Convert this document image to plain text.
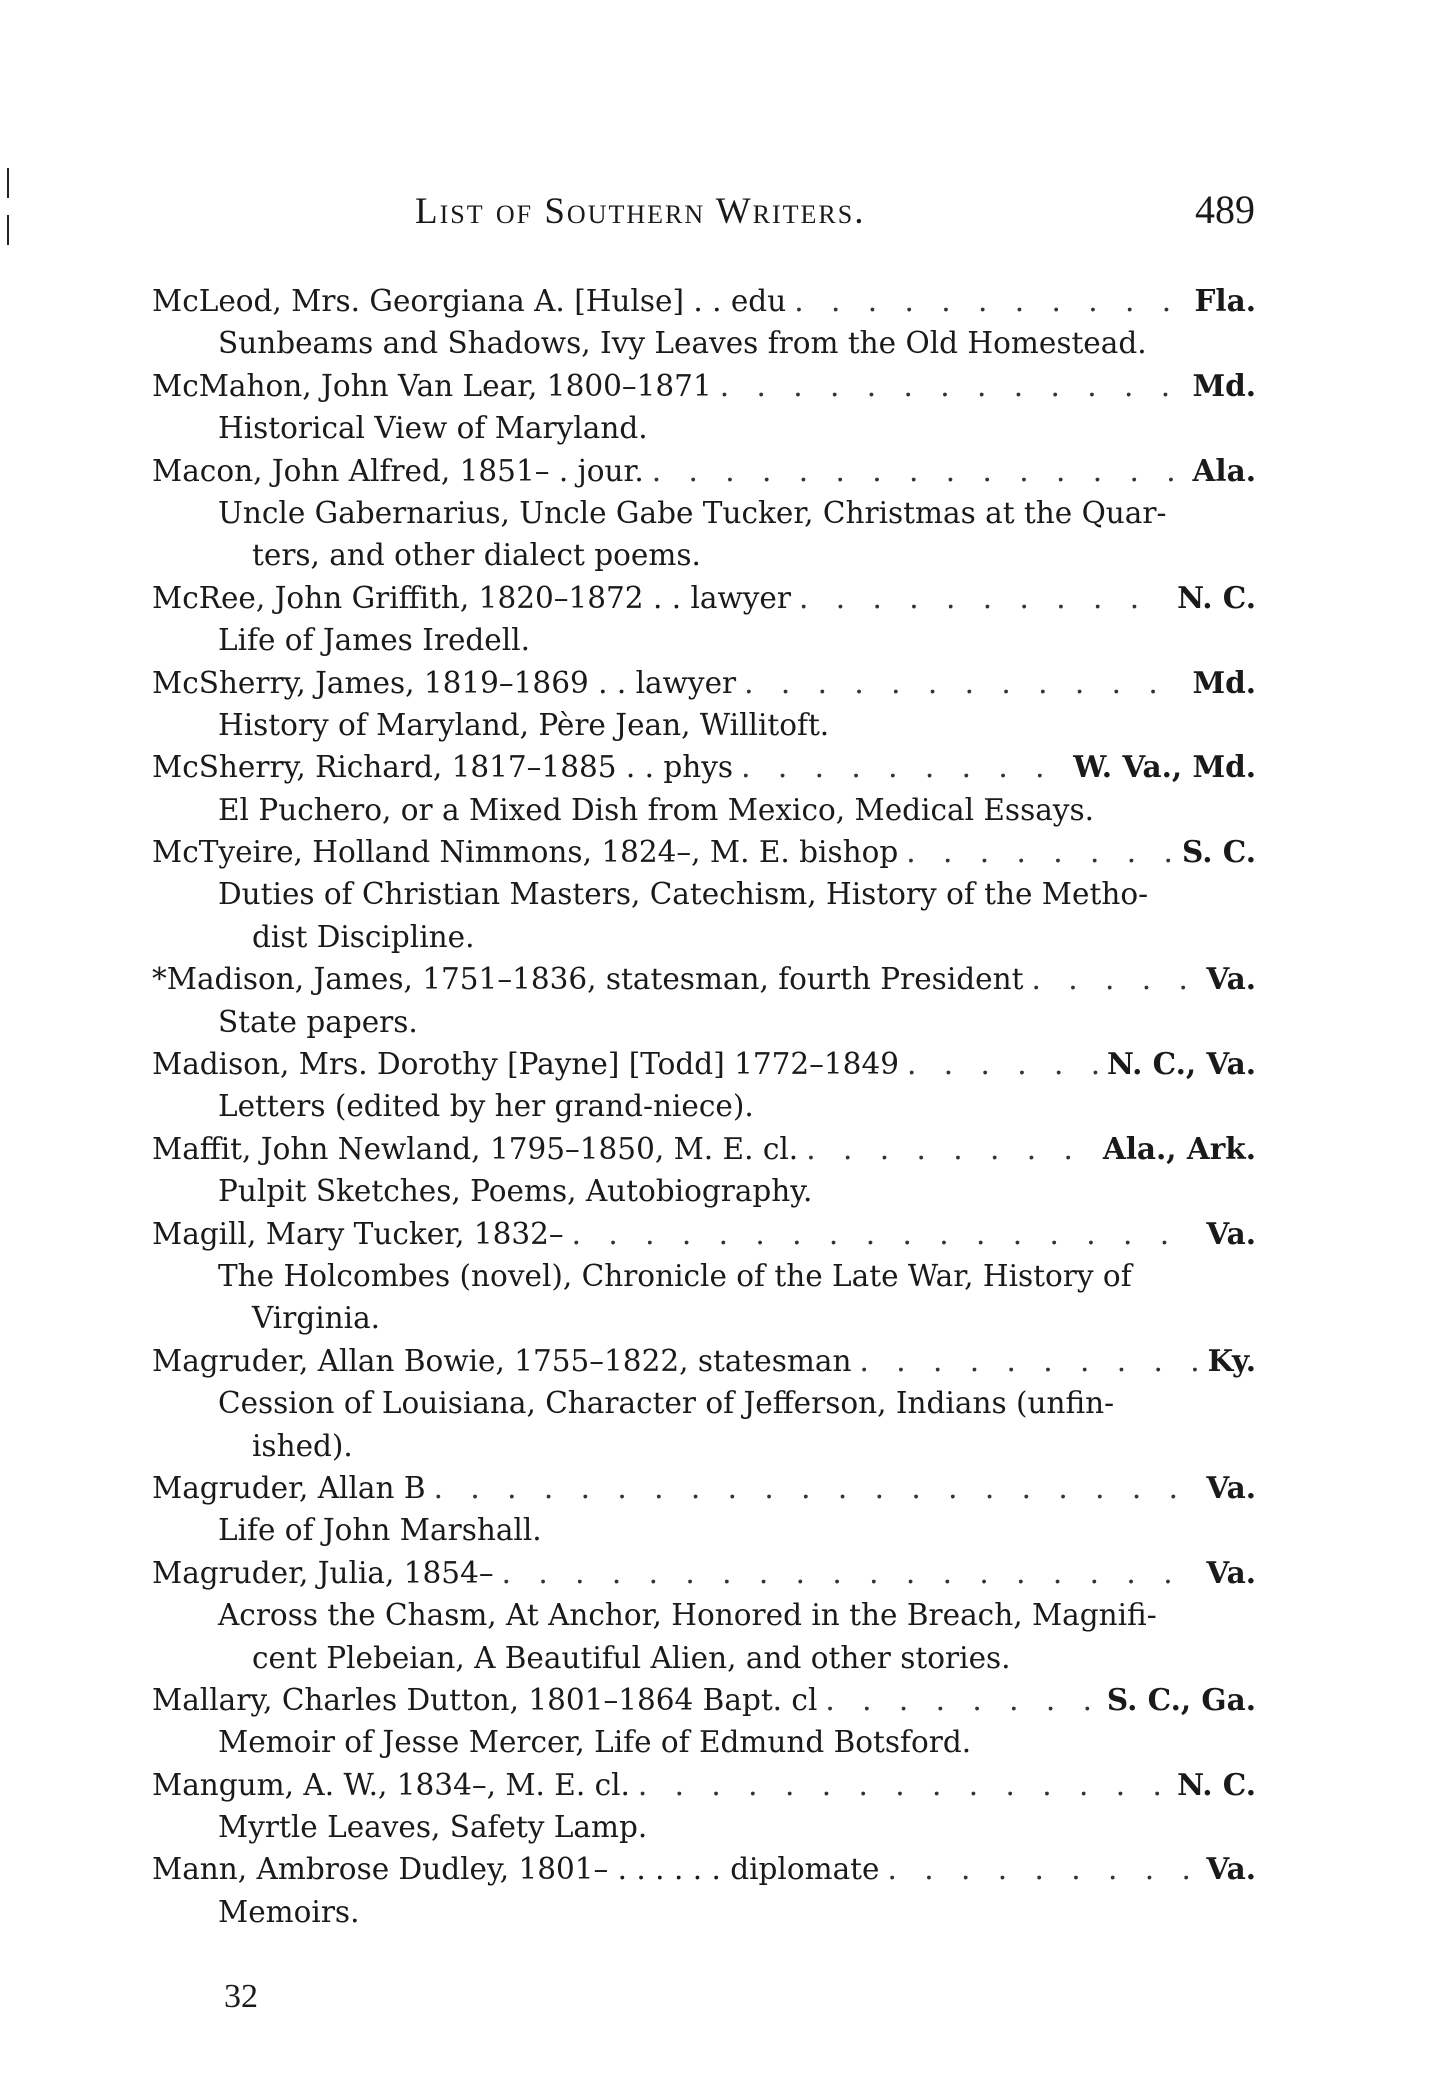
List of Southern Writers.	489
McLeod, Mrs. Georgiana A. [Hulse] . . edu . . .	Fla.
Sunbeams and Shadows, Ivy Leaves from the Old Homestead.
McMahon, John Van Lear, 1800–1871 . . .	Md.
Historical View of Maryland.
Macon, John Alfred, 1851– . jour. . . .	Ala.
Uncle Gabernarius, Uncle Gabe Tucker, Christmas at the Quar-
ters, and other dialect poems.
McRee, John Griffith, 1820–1872 . . lawyer . . .	N. C.
Life of James Iredell.
McSherry, James, 1819–1869 . . lawyer . . .	Md.
History of Maryland, Père Jean, Willitoft.
McSherry, Richard, 1817–1885 . . phys . . .	W. Va., Md.
El Puchero, or a Mixed Dish from Mexico, Medical Essays.
McTyeire, Holland Nimmons, 1824–, M. E. bishop . . .	S. C.
Duties of Christian Masters, Catechism, History of the Metho-
dist Discipline.
*Madison, James, 1751–1836, statesman, fourth President . . .	Va.
State papers.
Madison, Mrs. Dorothy [Payne] [Todd] 1772–1849 . . .	N. C., Va.
Letters (edited by her grand-niece).
Maffit, John Newland, 1795–1850, M. E. cl. . . .	Ala., Ark.
Pulpit Sketches, Poems, Autobiography.
Magill, Mary Tucker, 1832– . . .	Va.
The Holcombes (novel), Chronicle of the Late War, History of
Virginia.
Magruder, Allan Bowie, 1755–1822, statesman . . .	Ky.
Cession of Louisiana, Character of Jefferson, Indians (unfin-
ished).
Magruder, Allan B . . .	Va.
Life of John Marshall.
Magruder, Julia, 1854– . . .	Va.
Across the Chasm, At Anchor, Honored in the Breach, Magnifi-
cent Plebeian, A Beautiful Alien, and other stories.
Mallary, Charles Dutton, 1801–1864 Bapt. cl . . .	S. C., Ga.
Memoir of Jesse Mercer, Life of Edmund Botsford.
Mangum, A. W., 1834–, M. E. cl. . . .	N. C.
Myrtle Leaves, Safety Lamp.
Mann, Ambrose Dudley, 1801– . . . . . . diplomate . . .	Va.
Memoirs.
32
